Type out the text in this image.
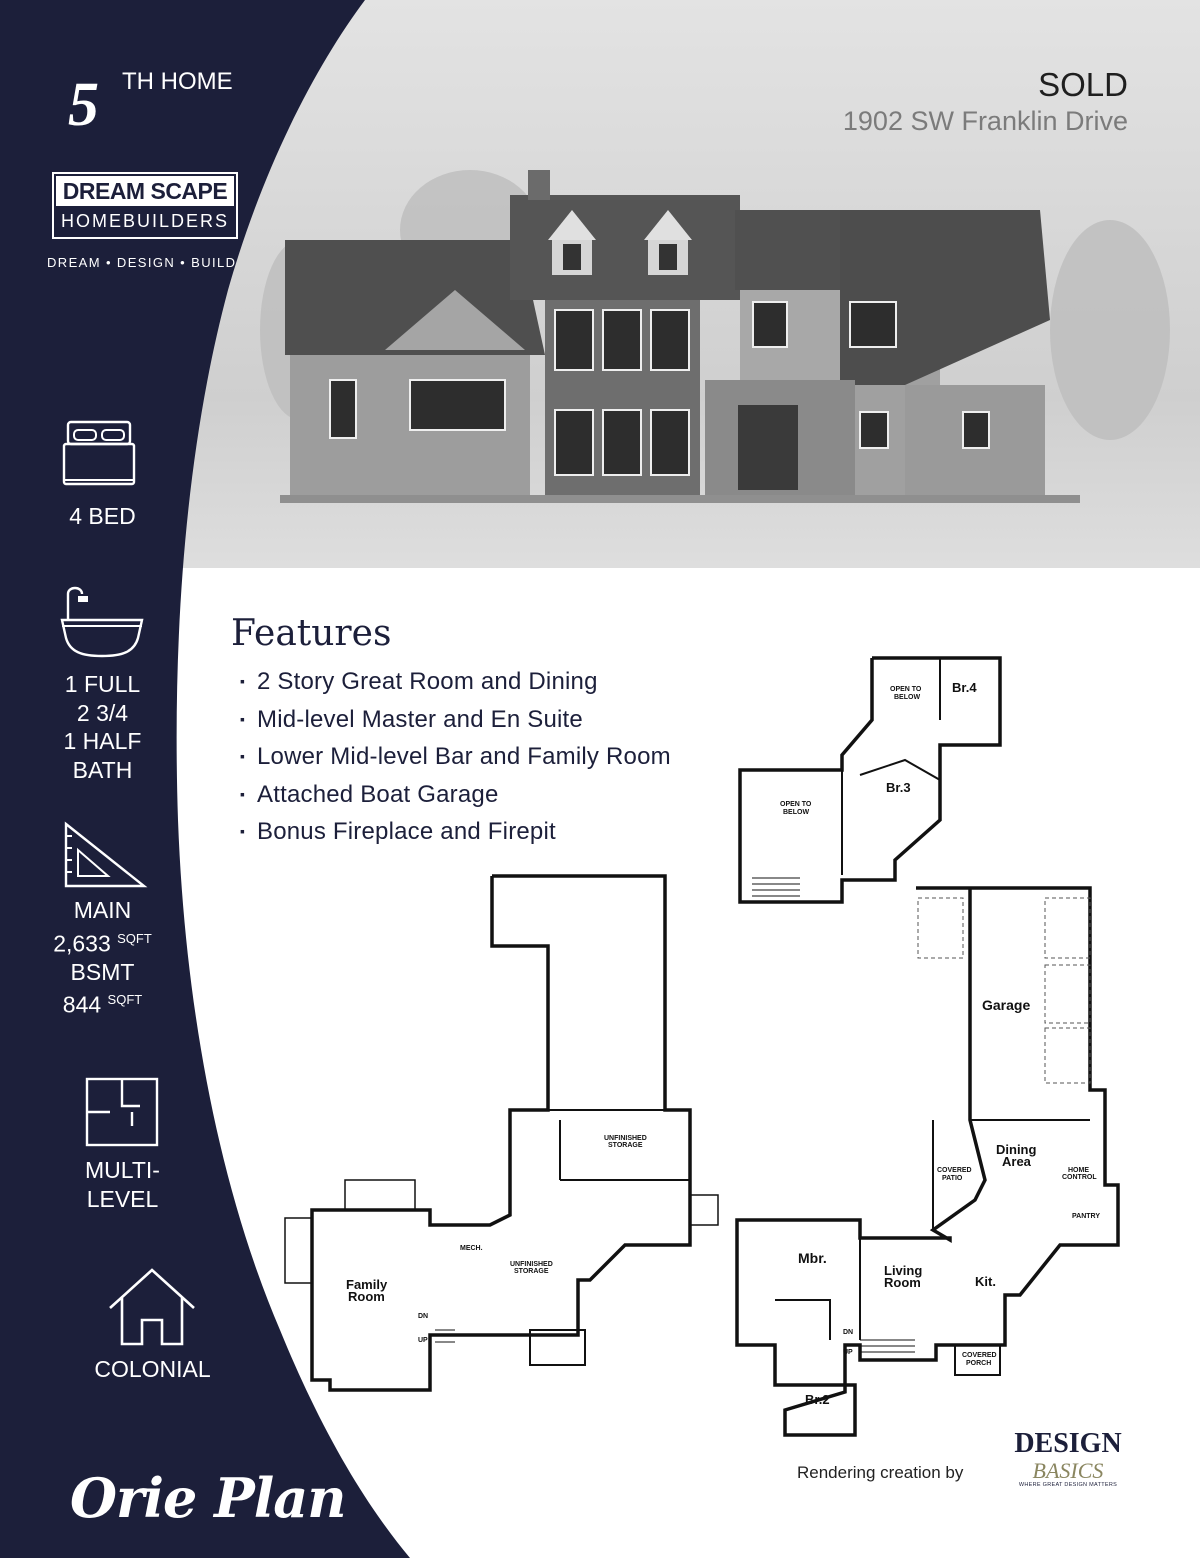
5 TH HOME
DREAM SCAPE
HOMEBUILDERS
DREAM • DESIGN • BUILD
4 BED
1 FULL
2 3/4
1 HALF
BATH
MAIN
2,633 $^{SQFT}$
BSMT
844 $^{SQFT}$
MULTI-
LEVEL
COLONIAL
Orie Plan
SOLD
1902 SW Franklin Drive
Features
▪ 2 Story Great Room and Dining
▪ Mid-level Master and En Suite
▪ Lower Mid-level Bar and Family Room
▪ Attached Boat Garage
▪ Bonus Fireplace and Firepit
OPEN TO
BELOW
Br.4
Br.3
OPEN TO
BELOW
UNFINISHED
STORAGE
UNFINISHED
STORAGE
MECH.
Family
Room
DN
UP
Garage
Dining
Area
COVERED
PATIO
HOME
CONTROL
PANTRY
Mbr.
Living
Room	Kit.
COVERED
PORCH
Br.2
DN
UP
Rendering creation by
DESIGN
BASICS
WHERE GREAT DESIGN MATTERS
